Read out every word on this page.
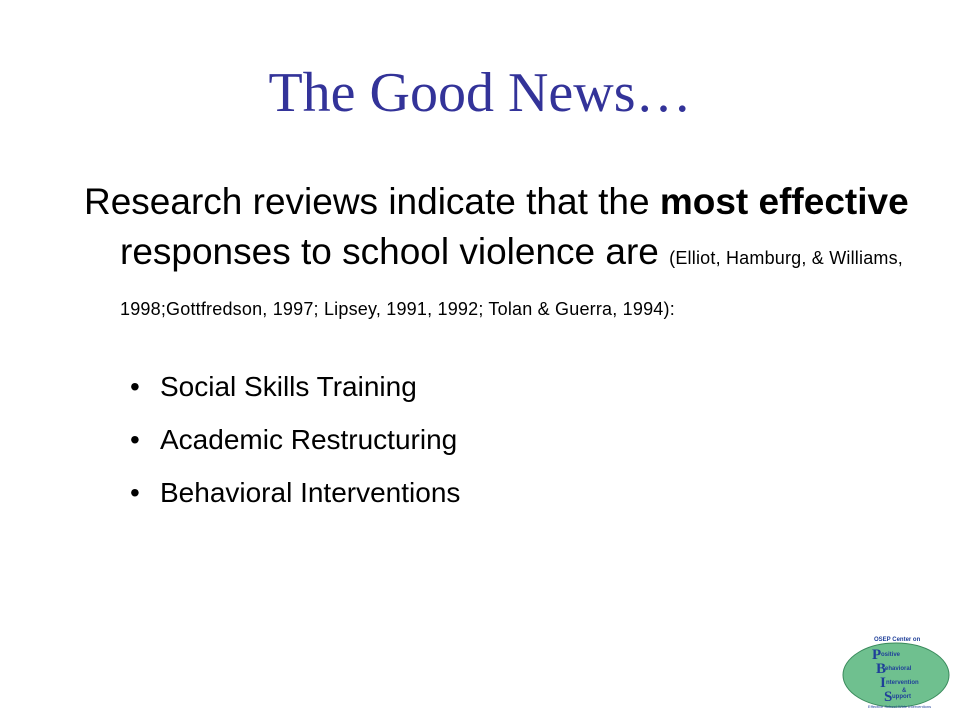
The Good News…
Research reviews indicate that the most effective responses to school violence are (Elliot, Hamburg, & Williams, 1998;Gottfredson, 1997; Lipsey, 1991, 1992; Tolan & Guerra, 1994):
• Social Skills Training
• Academic Restructuring
• Behavioral Interventions
OSEP Center on
P ositive
B
ehavioral
I ntervention
&
S upport
Effective School-Wide Interventions
